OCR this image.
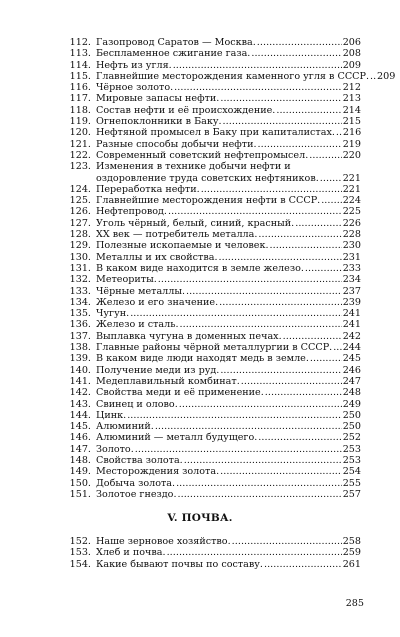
112. Газопровод Саратов — Москва. . . .	206
113. Беспламенное сжигание газа. . . .	208
114. Нефть из угля. . . .	209
115. Главнейшие месторождения каменного угля в СССР. . . . 209
116. Чёрное золото. . . .	212
117. Мировые запасы нефти. . . .	213
118. Состав нефти и её происхождение. . . .	214
119. Огнепоклонники в Баку. . . .	215
120. Нефтяной промысел в Баку при капиталистах. . . . 216
121. Разные способы добычи нефти. . . .	219
122. Современный советский нефтепромысел. . . .	220
123. Изменения в технике добычи нефти и
оздоровление труда советских нефтяников. . . . 221
124. Переработка нефти. . . .	221
125. Главнейшие месторождения нефти в СССР. . . . 224
126. Нефтепровод. . . .	225
127. Уголь чёрный, белый, синий, красный. . . .	226
128. XX век — потребитель металла. . . .	228
129. Полезные ископаемые и человек. . . .	230
130. Металлы и их свойства. . . .	231
131. В каком виде находится в земле железо. . . .	233
132. Метеориты. . . .	234
133. Чёрные металлы. . . .	237
134. Железо и его значение. . . .	239
135. Чугун. . . .	241
136. Железо и сталь. . . .	241
137. Выплавка чугуна в доменных печах. . . .	242
138. Главные районы чёрной металлургии в СССР. . . . 244
139. В каком виде люди находят медь в земле. . . .	245
140. Получение меди из руд. . . .	246
141. Медеплавильный комбинат. . . .	247
142. Свойства меди и её применение. . . .	248
143. Свинец и олово. . . .	249
144. Цинк. . . .	250
145. Алюминий. . . .	250
146. Алюминий — металл будущего. . . .	252
147. Золото. . . .	253
148. Свойства золота. . . .	253
149. Месторождения золота. . . .	254
150. Добыча золота. . . .	255
151. Золотое гнездо. . . .	257
V. ПОЧВА.
152. Наше зерновое хозяйство. . . .	258
153. Хлеб и почва. . . .	259
154. Какие бывают почвы по составу. . . .	261
285
